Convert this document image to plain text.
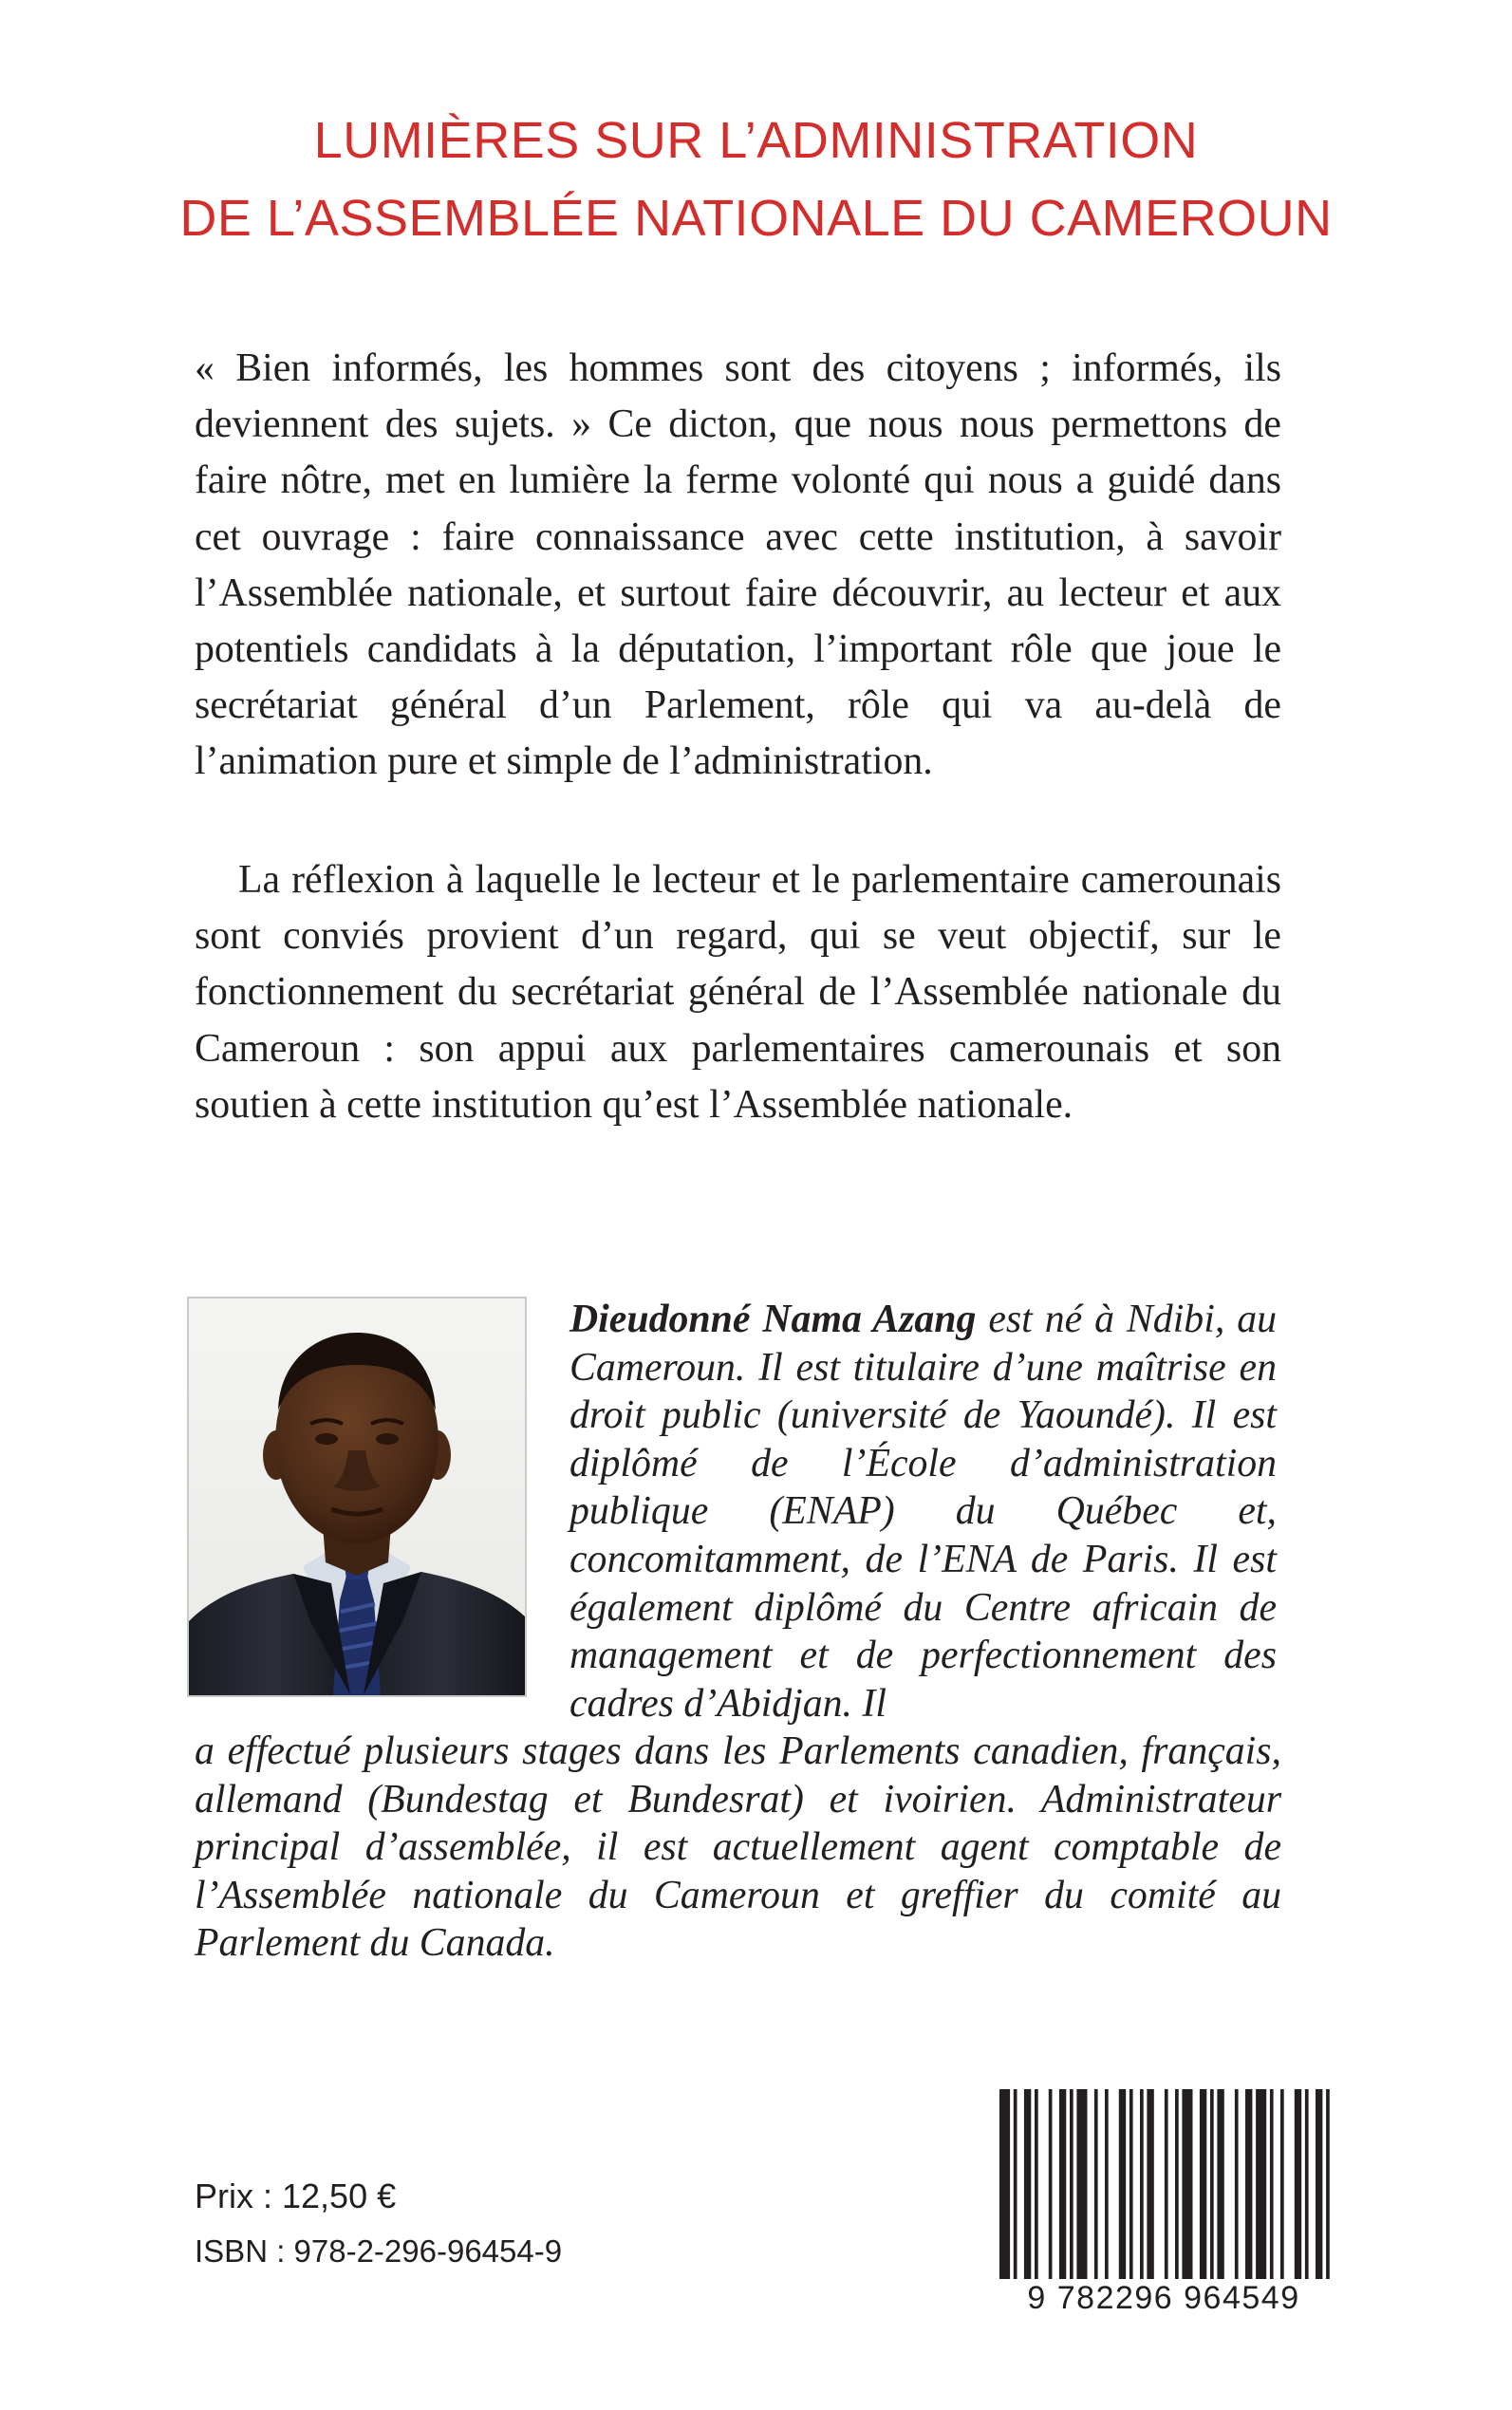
LUMIÈRES SUR L’ADMINISTRATION
DE L’ASSEMBLÉE NATIONALE DU CAMEROUN

« Bien informés, les hommes sont des citoyens ; informés, ils deviennent des sujets. » Ce dicton, que nous nous permettons de faire nôtre, met en lumière la ferme volonté qui nous a guidé dans cet ouvrage : faire connaissance avec cette institution, à savoir l’Assemblée nationale, et surtout faire découvrir, au lecteur et aux potentiels candidats à la députation, l’important rôle que joue le secrétariat général d’un Parlement, rôle qui va au-delà de l’animation pure et simple de l’administration.

La réflexion à laquelle le lecteur et le parlementaire camerounais sont conviés provient d’un regard, qui se veut objectif, sur le fonctionnement du secrétariat général de l’Assemblée nationale du Cameroun : son appui aux parlementaires camerounais et son soutien à cette institution qu’est l’Assemblée nationale.

Dieudonné Nama Azang est né à Ndibi, au Cameroun. Il est titulaire d’une maîtrise en droit public (université de Yaoundé). Il est diplômé de l’École d’administration publique (ENAP) du Québec et, concomitamment, de l’ENA de Paris. Il est également diplômé du Centre africain de management et de perfectionnement des cadres d’Abidjan. Il

a effectué plusieurs stages dans les Parlements canadien, français, allemand (Bundestag et Bundesrat) et ivoirien. Administrateur principal d’assemblée, il est actuellement agent comptable de l’Assemblée nationale du Cameroun et greffier du comité au Parlement du Canada.

Prix : 12,50 €
ISBN : 978-2-296-96454-9
9 782296 964549
